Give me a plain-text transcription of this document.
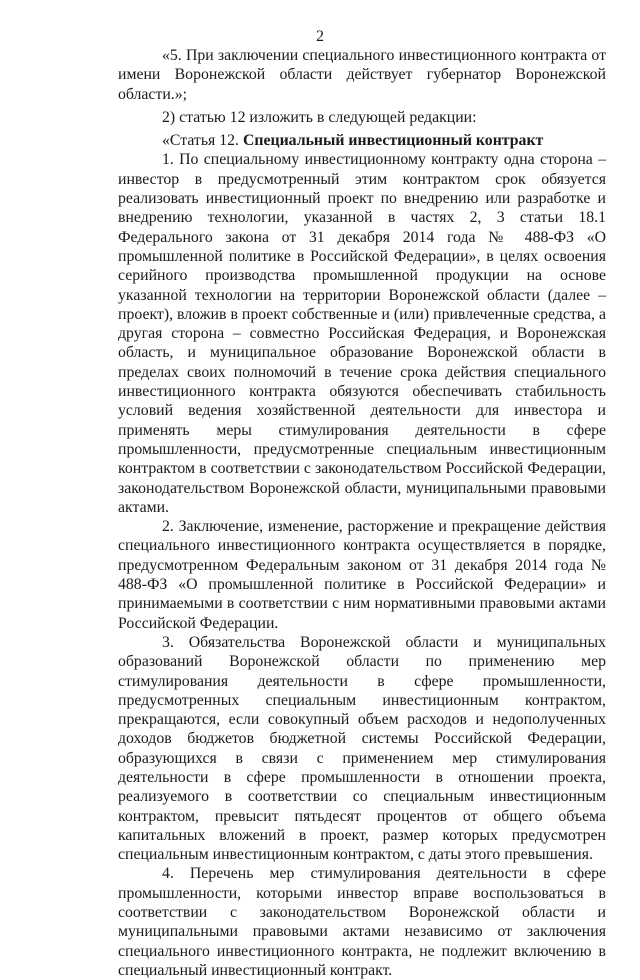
2

«5. При заключении специального инвестиционного контракта от имени Воронежской области действует губернатор Воронежской области.»;

2) статью 12 изложить в следующей редакции:

«Статья 12. Специальный инвестиционный контракт

1. По специальному инвестиционному контракту одна сторона – инвестор в предусмотренный этим контрактом срок обязуется реализовать инвестиционный проект по внедрению или разработке и внедрению технологии, указанной в частях 2, 3 статьи 18.1 Федерального закона от 31 декабря 2014 года № 488-ФЗ «О промышленной политике в Российской Федерации», в целях освоения серийного производства промышленной продукции на основе указанной технологии на территории Воронежской области (далее – проект), вложив в проект собственные и (или) привлеченные средства, а другая сторона – совместно Российская Федерация, и Воронежская область, и муниципальное образование Воронежской области в пределах своих полномочий в течение срока действия специального инвестиционного контракта обязуются обеспечивать стабильность условий ведения хозяйственной деятельности для инвестора и применять меры стимулирования деятельности в сфере промышленности, предусмотренные специальным инвестиционным контрактом в соответствии с законодательством Российской Федерации, законодательством Воронежской области, муниципальными правовыми актами.

2. Заключение, изменение, расторжение и прекращение действия специального инвестиционного контракта осуществляется в порядке, предусмотренном Федеральным законом от 31 декабря 2014 года № 488-ФЗ «О промышленной политике в Российской Федерации» и принимаемыми в соответствии с ним нормативными правовыми актами Российской Федерации.

3. Обязательства Воронежской области и муниципальных образований Воронежской области по применению мер стимулирования деятельности в сфере промышленности, предусмотренных специальным инвестиционным контрактом, прекращаются, если совокупный объем расходов и недополученных доходов бюджетов бюджетной системы Российской Федерации, образующихся в связи с применением мер стимулирования деятельности в сфере промышленности в отношении проекта, реализуемого в соответствии со специальным инвестиционным контрактом, превысит пятьдесят процентов от общего объема капитальных вложений в проект, размер которых предусмотрен специальным инвестиционным контрактом, с даты этого превышения.

4. Перечень мер стимулирования деятельности в сфере промышленности, которыми инвестор вправе воспользоваться в соответствии с законодательством Воронежской области и муниципальными правовыми актами независимо от заключения специального инвестиционного контракта, не подлежит включению в специальный инвестиционный контракт.
